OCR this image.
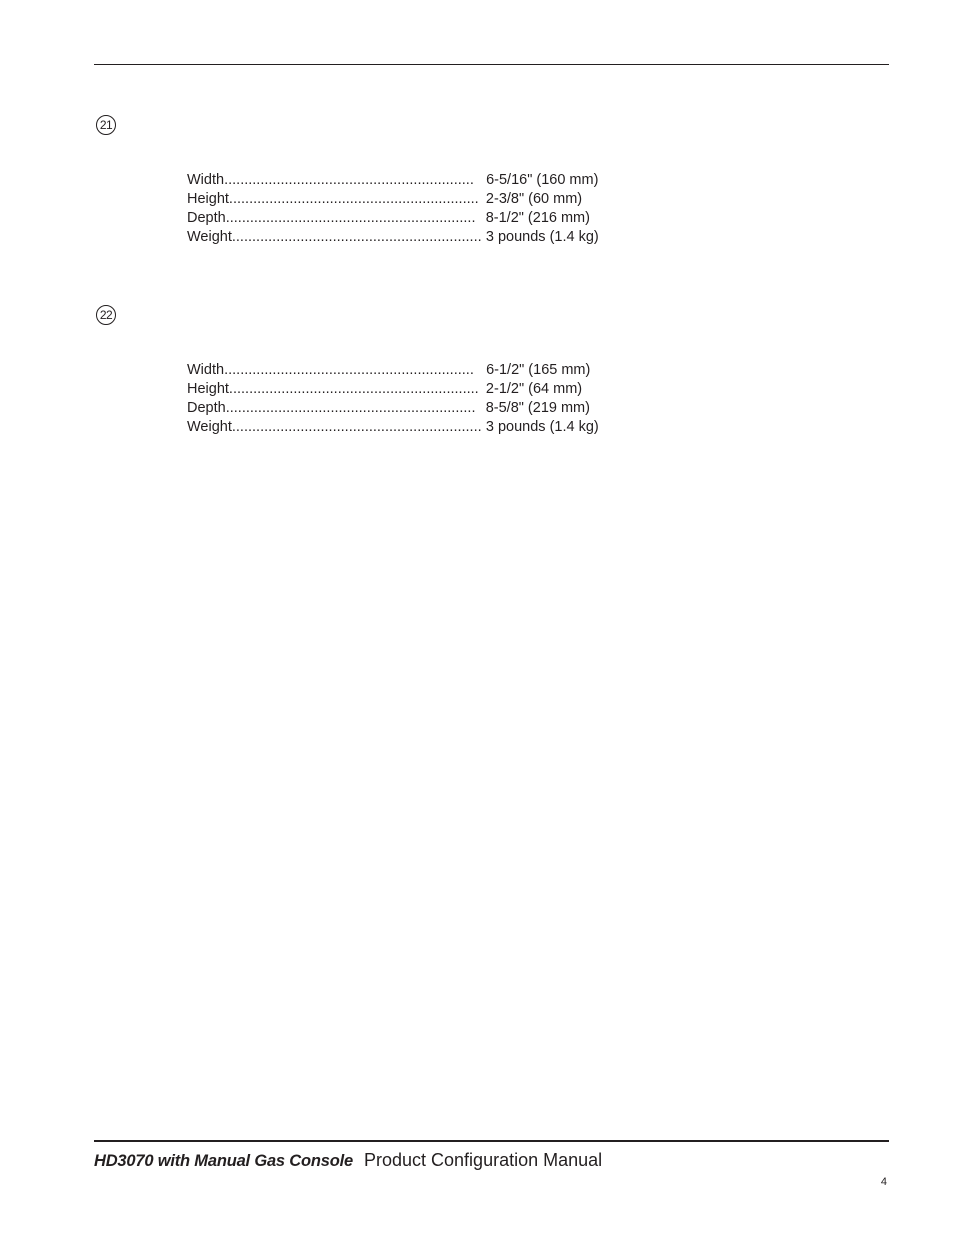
21
Width .............................................................. 6-5/16" (160 mm)
Height .............................................................. 2-3/8" (60 mm)
Depth .............................................................. 8-1/2" (216 mm)
Weight .............................................................. 3 pounds (1.4 kg)
22
Width .............................................................. 6-1/2" (165 mm)
Height .............................................................. 2-1/2" (64 mm)
Depth .............................................................. 8-5/8" (219 mm)
Weight .............................................................. 3 pounds (1.4 kg)
HD3070 with Manual Gas Console Product Configuration Manual
4
